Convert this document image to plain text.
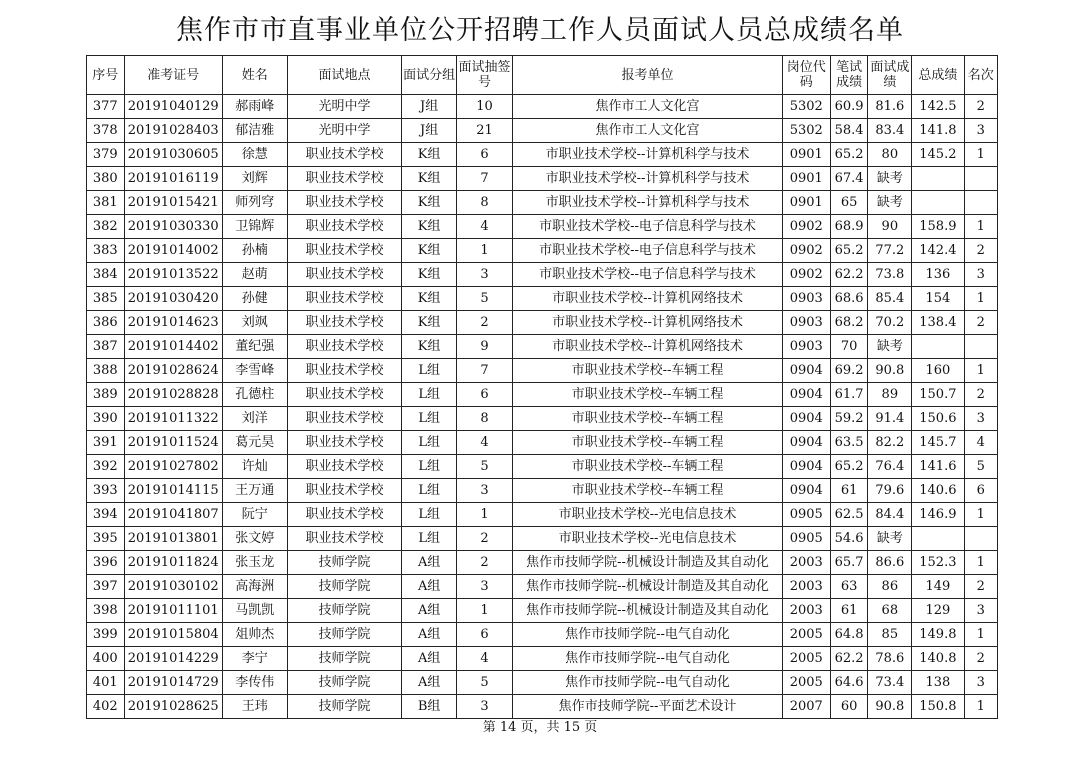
焦作市市直事业单位公开招聘工作人员面试人员总成绩名单
序号	准考证号	姓名	面试地点	面试分组	面试抽签号	报考单位	岗位代码	笔试成绩	面试成绩	总成绩	名次
377	20191040129	郝雨峰	光明中学	J组	10	焦作市工人文化宫	5302	60.9	81.6	142.5	2
378	20191028403	郁洁雅	光明中学	J组	21	焦作市工人文化宫	5302	58.4	83.4	141.8	3
379	20191030605	徐慧	职业技术学校	K组	6	市职业技术学校--计算机科学与技术	0901	65.2	80	145.2	1
380	20191016119	刘辉	职业技术学校	K组	7	市职业技术学校--计算机科学与技术	0901	67.4	缺考		
381	20191015421	师列穹	职业技术学校	K组	8	市职业技术学校--计算机科学与技术	0901	65	缺考		
382	20191030330	卫锦辉	职业技术学校	K组	4	市职业技术学校--电子信息科学与技术	0902	68.9	90	158.9	1
383	20191014002	孙楠	职业技术学校	K组	1	市职业技术学校--电子信息科学与技术	0902	65.2	77.2	142.4	2
384	20191013522	赵萌	职业技术学校	K组	3	市职业技术学校--电子信息科学与技术	0902	62.2	73.8	136	3
385	20191030420	孙健	职业技术学校	K组	5	市职业技术学校--计算机网络技术	0903	68.6	85.4	154	1
386	20191014623	刘飒	职业技术学校	K组	2	市职业技术学校--计算机网络技术	0903	68.2	70.2	138.4	2
387	20191014402	董纪强	职业技术学校	K组	9	市职业技术学校--计算机网络技术	0903	70	缺考		
388	20191028624	李雪峰	职业技术学校	L组	7	市职业技术学校--车辆工程	0904	69.2	90.8	160	1
389	20191028828	孔德柱	职业技术学校	L组	6	市职业技术学校--车辆工程	0904	61.7	89	150.7	2
390	20191011322	刘洋	职业技术学校	L组	8	市职业技术学校--车辆工程	0904	59.2	91.4	150.6	3
391	20191011524	葛元昊	职业技术学校	L组	4	市职业技术学校--车辆工程	0904	63.5	82.2	145.7	4
392	20191027802	许灿	职业技术学校	L组	5	市职业技术学校--车辆工程	0904	65.2	76.4	141.6	5
393	20191014115	王万通	职业技术学校	L组	3	市职业技术学校--车辆工程	0904	61	79.6	140.6	6
394	20191041807	阮宁	职业技术学校	L组	1	市职业技术学校--光电信息技术	0905	62.5	84.4	146.9	1
395	20191013801	张文婷	职业技术学校	L组	2	市职业技术学校--光电信息技术	0905	54.6	缺考		
396	20191011824	张玉龙	技师学院	A组	2	焦作市技师学院--机械设计制造及其自动化	2003	65.7	86.6	152.3	1
397	20191030102	高海洲	技师学院	A组	3	焦作市技师学院--机械设计制造及其自动化	2003	63	86	149	2
398	20191011101	马凯凯	技师学院	A组	1	焦作市技师学院--机械设计制造及其自动化	2003	61	68	129	3
399	20191015804	俎帅杰	技师学院	A组	6	焦作市技师学院--电气自动化	2005	64.8	85	149.8	1
400	20191014229	李宁	技师学院	A组	4	焦作市技师学院--电气自动化	2005	62.2	78.6	140.8	2
401	20191014729	李传伟	技师学院	A组	5	焦作市技师学院--电气自动化	2005	64.6	73.4	138	3
402	20191028625	王玮	技师学院	B组	3	焦作市技师学院--平面艺术设计	2007	60	90.8	150.8	1
第 14 页，共 15 页
